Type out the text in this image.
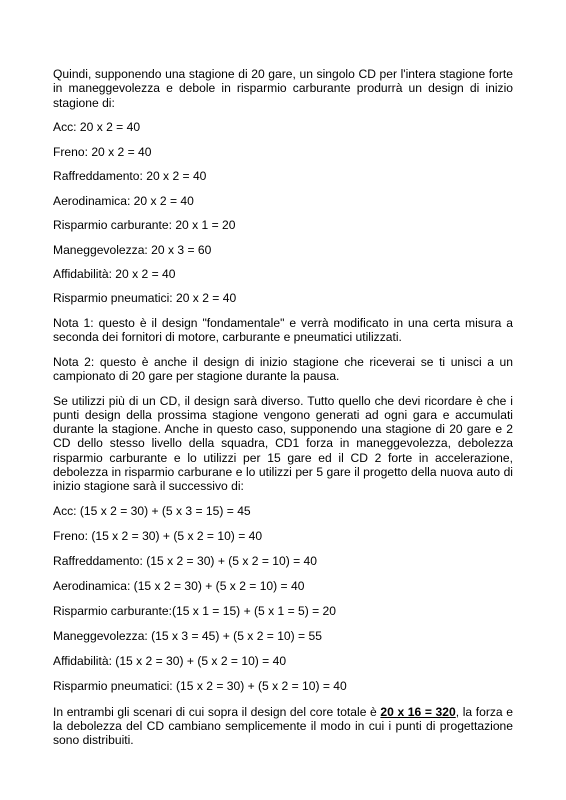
Quindi, supponendo una stagione di 20 gare, un singolo CD per l'intera stagione forte in maneggevolezza e debole in risparmio carburante produrrà un design di inizio stagione di:

Acc: 20 x 2 = 40
Freno: 20 x 2 = 40
Raffreddamento: 20 x 2 = 40
Aerodinamica: 20 x 2 = 40
Risparmio carburante: 20 x 1 = 20
Maneggevolezza: 20 x 3 = 60
Affidabilità: 20 x 2 = 40
Risparmio pneumatici: 20 x 2 = 40

Nota 1: questo è il design "fondamentale" e verrà modificato in una certa misura a seconda dei fornitori di motore, carburante e pneumatici utilizzati.

Nota 2: questo è anche il design di inizio stagione che riceverai se ti unisci a un campionato di 20 gare per stagione durante la pausa.

Se utilizzi più di un CD, il design sarà diverso. Tutto quello che devi ricordare è che i punti design della prossima stagione vengono generati ad ogni gara e accumulati durante la stagione. Anche in questo caso, supponendo una stagione di 20 gare e 2 CD dello stesso livello della squadra, CD1 forza in maneggevolezza, debolezza risparmio carburante e lo utilizzi per 15 gare ed il CD 2 forte in accelerazione, debolezza in risparmio carburane e lo utilizzi per 5 gare il progetto della nuova auto di inizio stagione sarà il successivo di:

Acc: (15 x 2 = 30) + (5 x 3 = 15) = 45
Freno: (15 x 2 = 30) + (5 x 2 = 10) = 40
Raffreddamento: (15 x 2 = 30) + (5 x 2 = 10) = 40
Aerodinamica: (15 x 2 = 30) + (5 x 2 = 10) = 40
Risparmio carburante:(15 x 1 = 15) + (5 x 1 = 5) = 20
Maneggevolezza: (15 x 3 = 45) + (5 x 2 = 10) = 55
Affidabilità: (15 x 2 = 30) + (5 x 2 = 10) = 40
Risparmio pneumatici: (15 x 2 = 30) + (5 x 2 = 10) = 40

In entrambi gli scenari di cui sopra il design del core totale è 20 x 16 = 320, la forza e la debolezza del CD cambiano semplicemente il modo in cui i punti di progettazione sono distribuiti.
